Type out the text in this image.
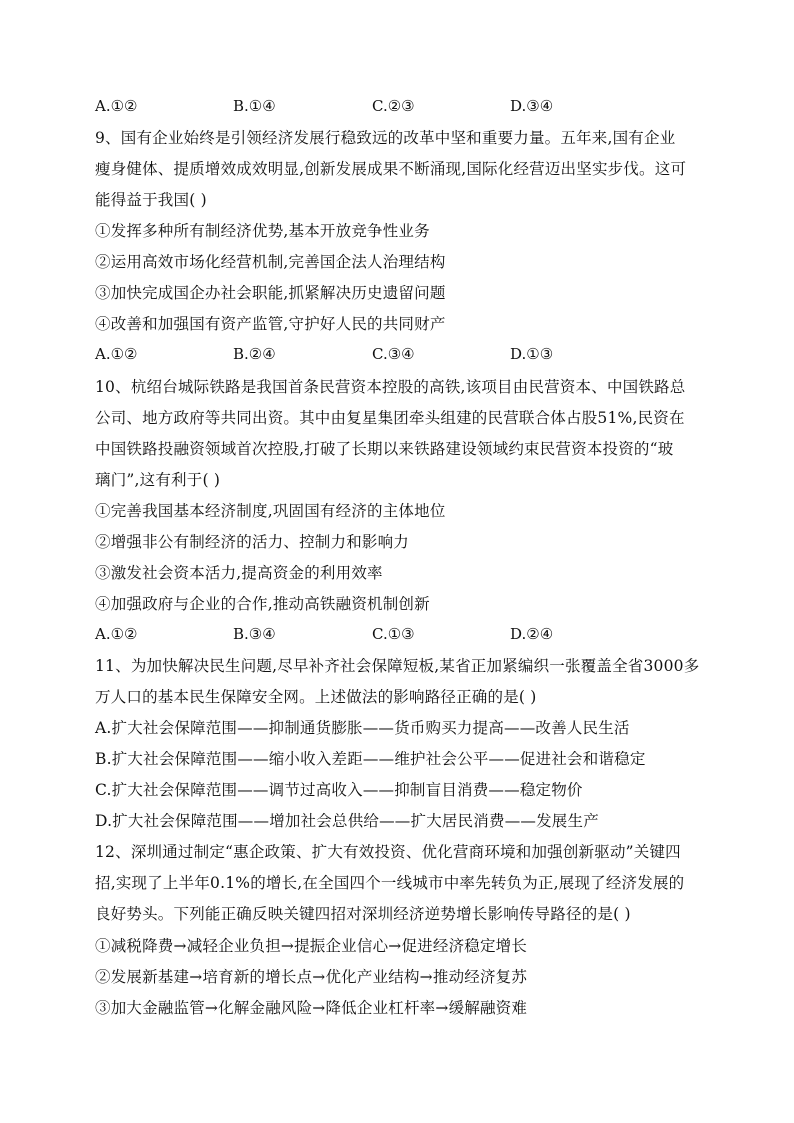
A.①②	B.①④	C.②③	D.③④
9、国有企业始终是引领经济发展行稳致远的改革中坚和重要力量。五年来,国有企业
瘦身健体、提质增效成效明显,创新发展成果不断涌现,国际化经营迈出坚实步伐。这可
能得益于我国( )
①发挥多种所有制经济优势,基本开放竞争性业务
②运用高效市场化经营机制,完善国企法人治理结构
③加快完成国企办社会职能,抓紧解决历史遗留问题
④改善和加强国有资产监管,守护好人民的共同财产
A.①②	B.②④	C.③④	D.①③
10、杭绍台城际铁路是我国首条民营资本控股的高铁,该项目由民营资本、中国铁路总
公司、地方政府等共同出资。其中由复星集团牵头组建的民营联合体占股51%,民资在
中国铁路投融资领域首次控股,打破了长期以来铁路建设领域约束民营资本投资的“玻
璃门”,这有利于( )
①完善我国基本经济制度,巩固国有经济的主体地位
②增强非公有制经济的活力、控制力和影响力
③激发社会资本活力,提高资金的利用效率
④加强政府与企业的合作,推动高铁融资机制创新
A.①②	B.③④	C.①③	D.②④
11、为加快解决民生问题,尽早补齐社会保障短板,某省正加紧编织一张覆盖全省3000多
万人口的基本民生保障安全网。上述做法的影响路径正确的是( )
A.扩大社会保障范围——抑制通货膨胀——货币购买力提高——改善人民生活
B.扩大社会保障范围——缩小收入差距——维护社会公平——促进社会和谐稳定
C.扩大社会保障范围——调节过高收入——抑制盲目消费——稳定物价
D.扩大社会保障范围——增加社会总供给——扩大居民消费——发展生产
12、深圳通过制定“惠企政策、扩大有效投资、优化营商环境和加强创新驱动”关键四
招,实现了上半年0.1%的增长,在全国四个一线城市中率先转负为正,展现了经济发展的
良好势头。下列能正确反映关键四招对深圳经济逆势增长影响传导路径的是( )
①减税降费→减轻企业负担→提振企业信心→促进经济稳定增长
②发展新基建→培育新的增长点→优化产业结构→推动经济复苏
③加大金融监管→化解金融风险→降低企业杠杆率→缓解融资难
